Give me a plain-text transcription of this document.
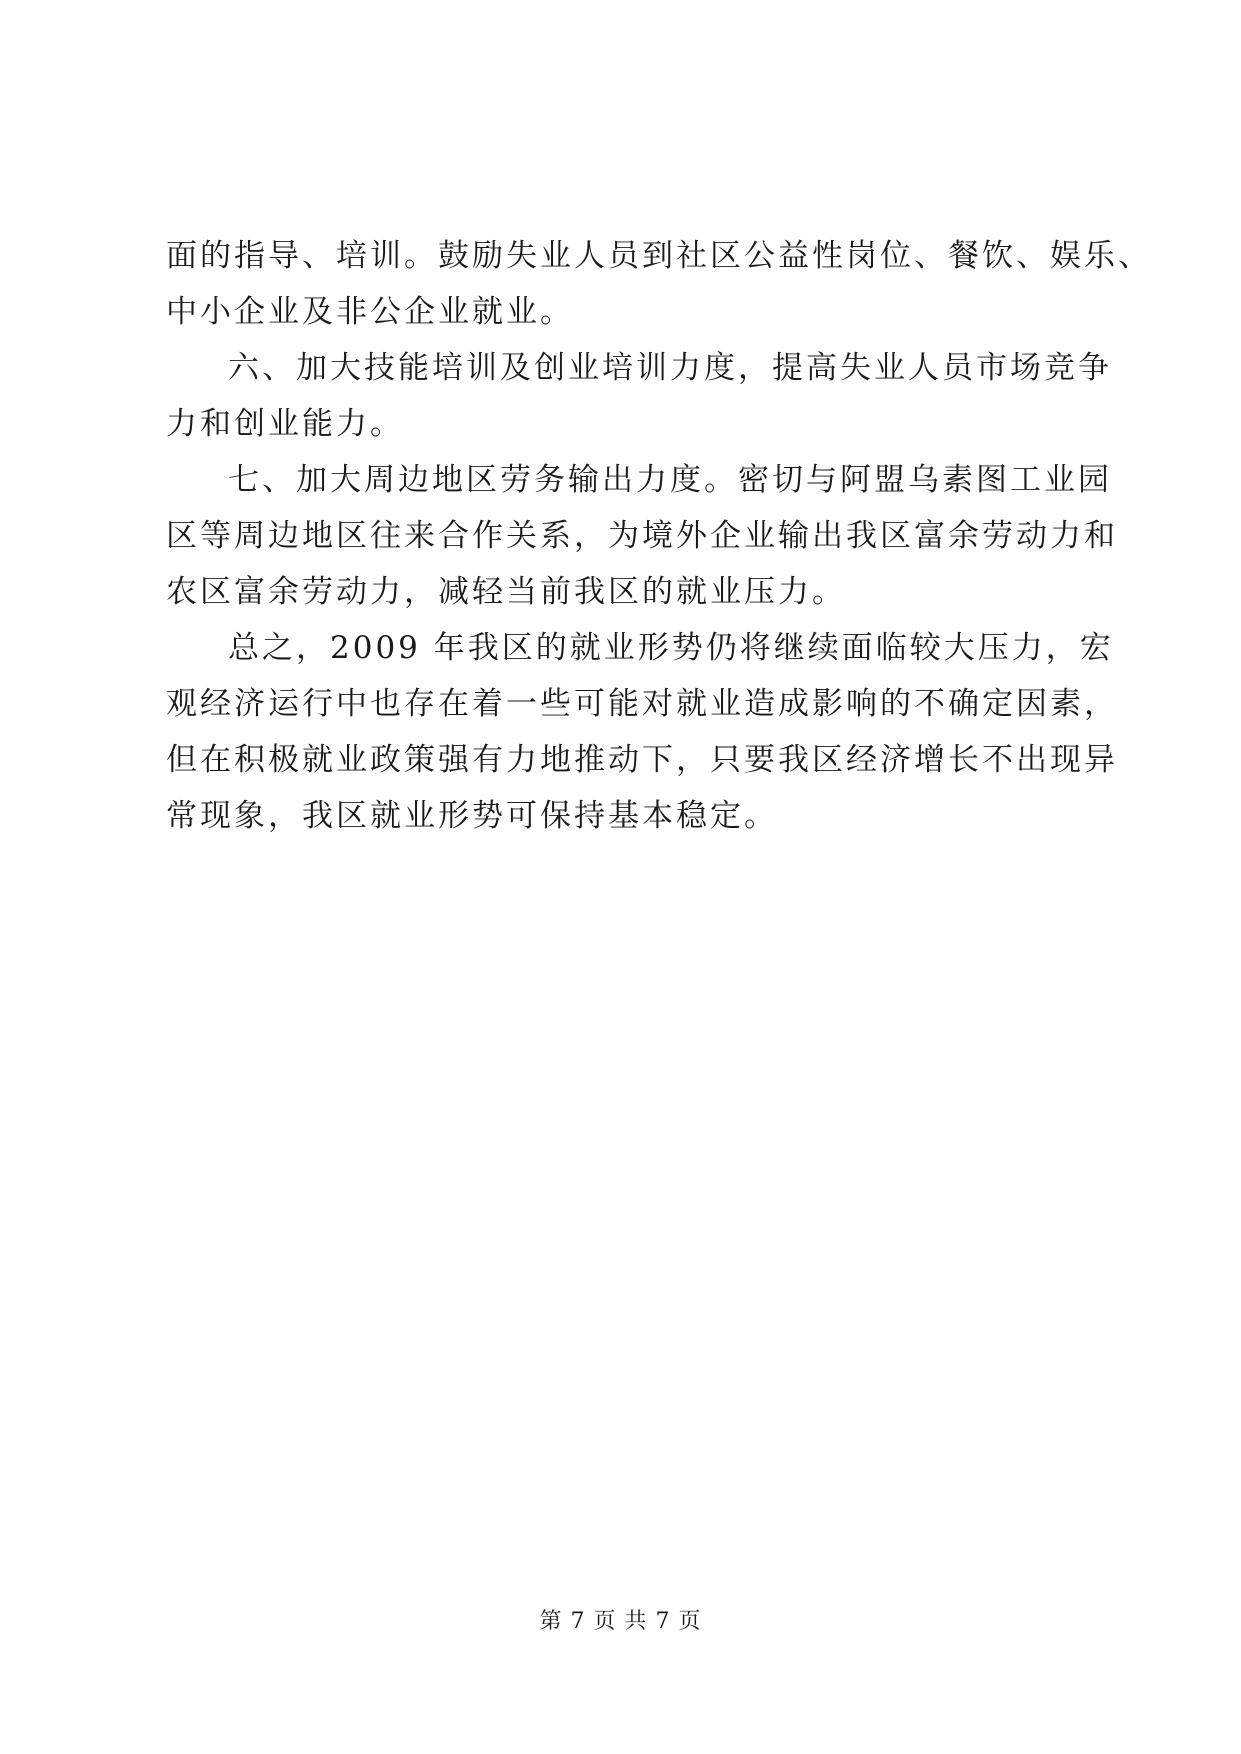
面的指导、培训。鼓励失业人员到社区公益性岗位、餐饮、娱乐、
中小企业及非公企业就业。

六、加大技能培训及创业培训力度，提高失业人员市场竞争
力和创业能力。

七、加大周边地区劳务输出力度。密切与阿盟乌素图工业园
区等周边地区往来合作关系，为境外企业输出我区富余劳动力和
农区富余劳动力，减轻当前我区的就业压力。

总之，2009 年我区的就业形势仍将继续面临较大压力，宏
观经济运行中也存在着一些可能对就业造成影响的不确定因素，
但在积极就业政策强有力地推动下，只要我区经济增长不出现异
常现象，我区就业形势可保持基本稳定。

第 7 页 共 7 页
